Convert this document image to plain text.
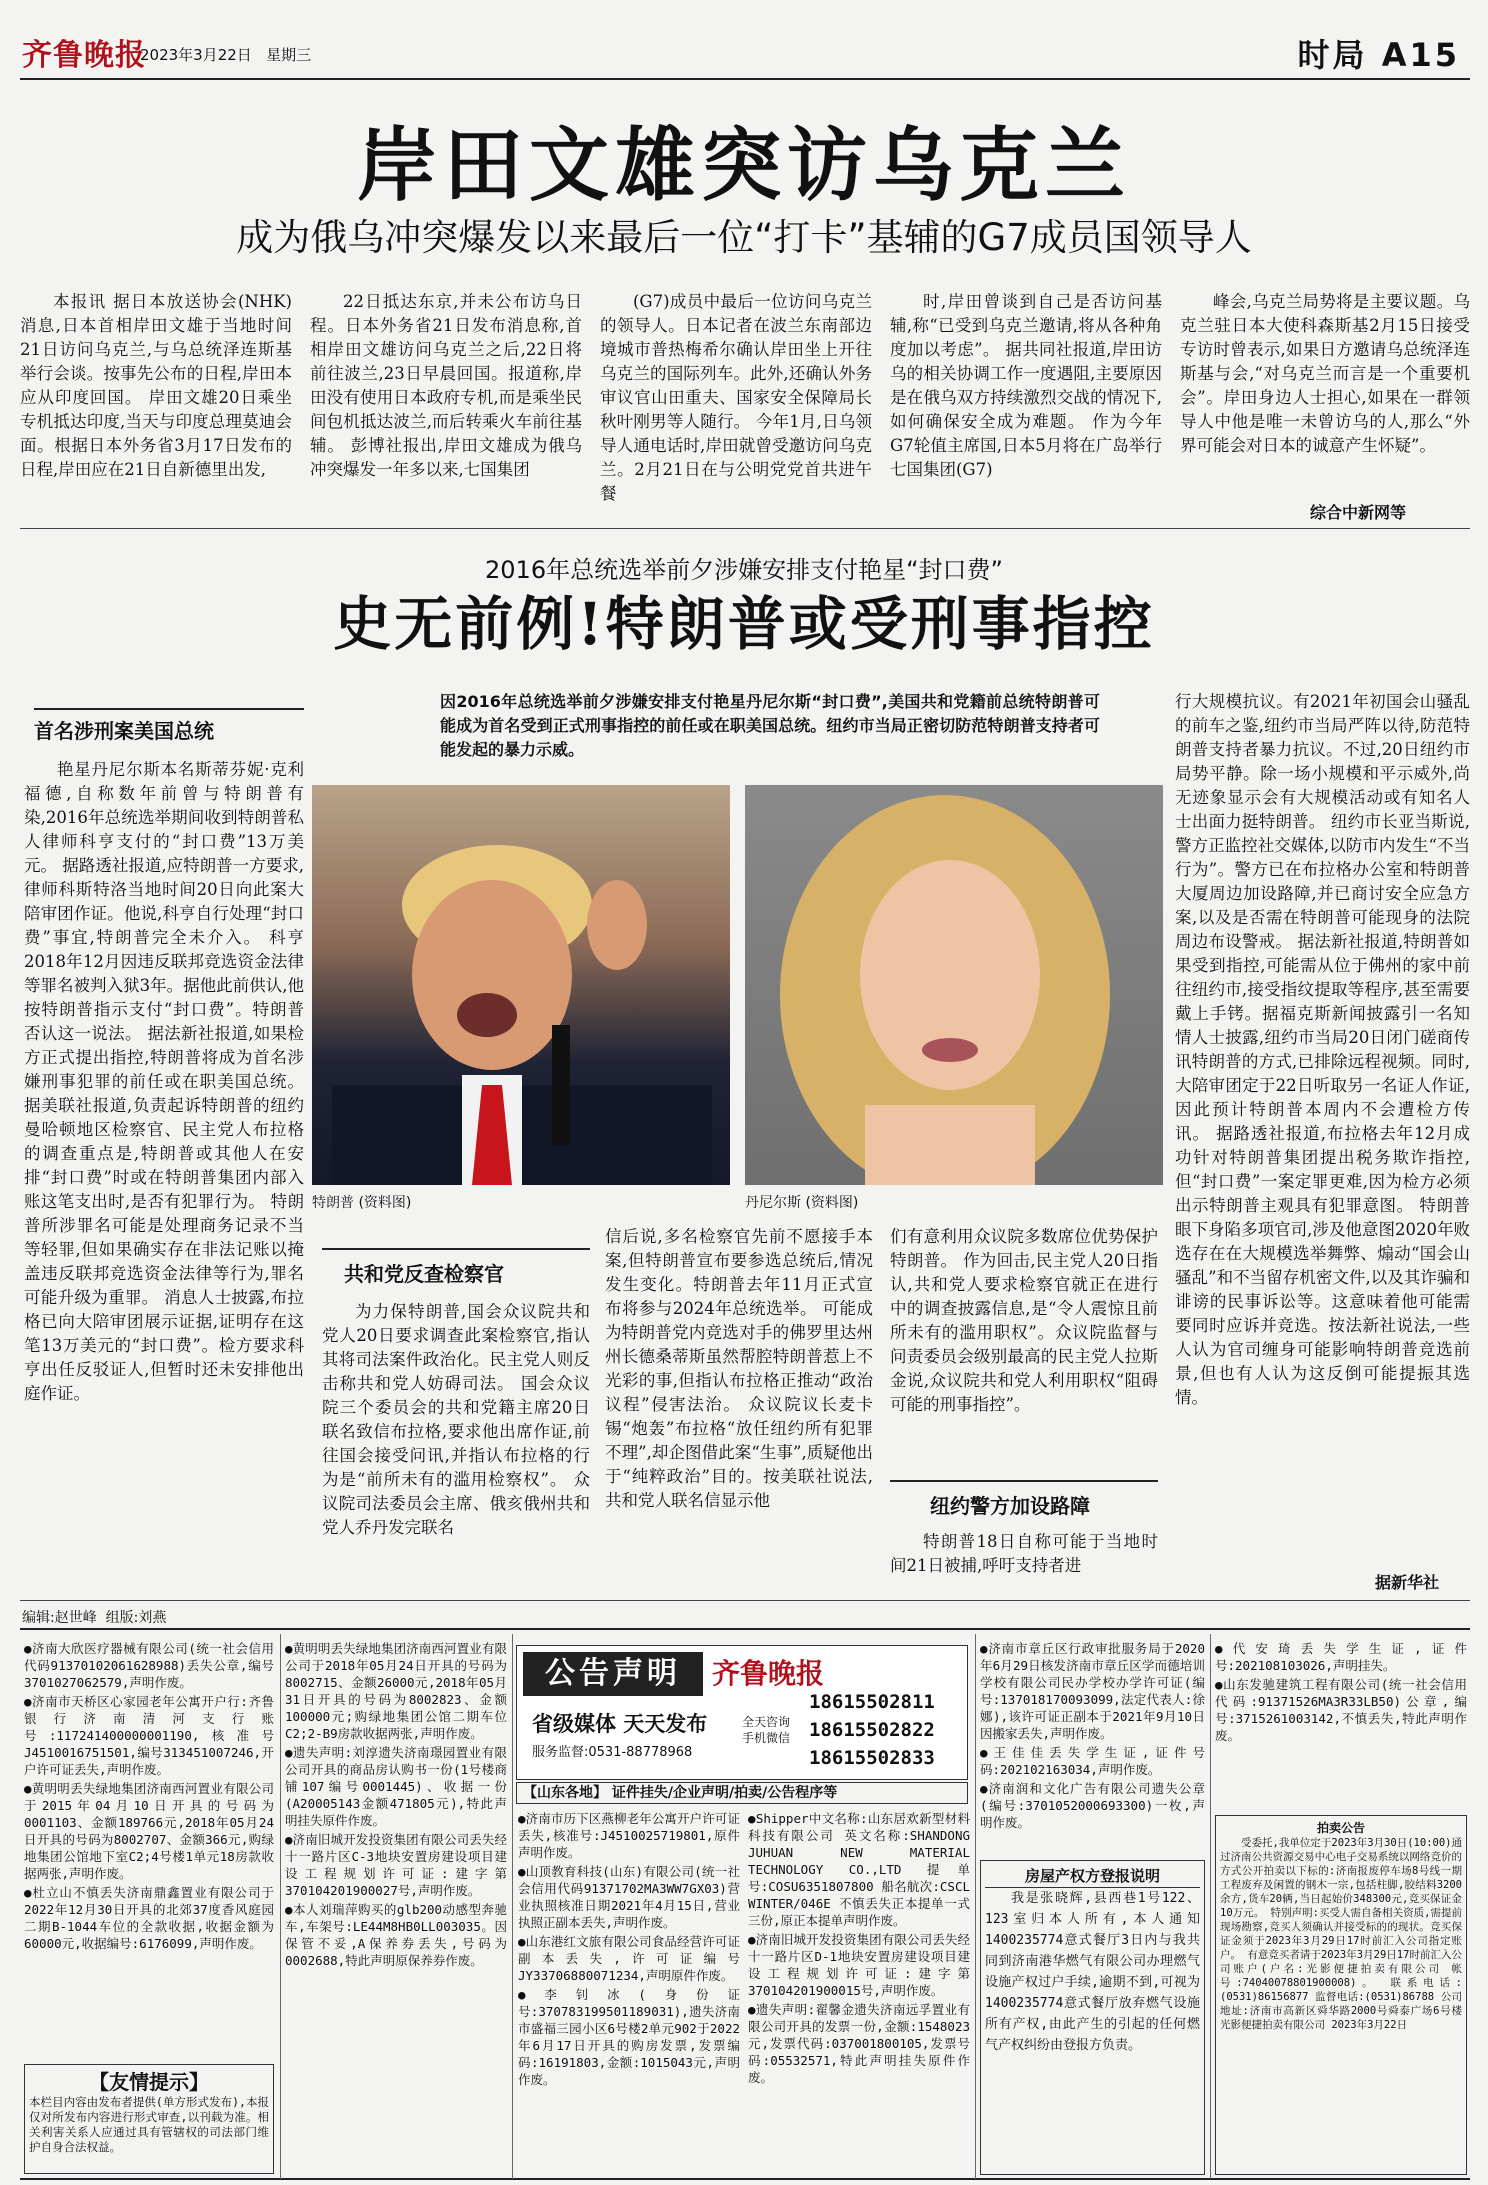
齐鲁晚报
2023年3月22日 星期三	时局 A15
岸田文雄突访乌克兰
成为俄乌冲突爆发以来最后一位“打卡”基辅的G7成员国领导人

本报讯 据日本放送协会(NHK)消息,日本首相岸田文雄于当地时间21日访问乌克兰,与乌总统泽连斯基举行会谈。按事先公布的日程,岸田本应从印度回国。 岸田文雄20日乘坐专机抵达印度,当天与印度总理莫迪会面。根据日本外务省3月17日发布的日程,岸田应在21日自新德里出发,

22日抵达东京,并未公布访乌日程。日本外务省21日发布消息称,首相岸田文雄访问乌克兰之后,22日将前往波兰,23日早晨回国。报道称,岸田没有使用日本政府专机,而是乘坐民间包机抵达波兰,而后转乘火车前往基辅。 彭博社报出,岸田文雄成为俄乌冲突爆发一年多以来,七国集团

(G7)成员中最后一位访问乌克兰的领导人。日本记者在波兰东南部边境城市普热梅希尔确认岸田坐上开往乌克兰的国际列车。此外,还确认外务审议官山田重夫、国家安全保障局长秋叶刚男等人随行。 今年1月,日乌领导人通电话时,岸田就曾受邀访问乌克兰。2月21日在与公明党党首共进午餐

时,岸田曾谈到自己是否访问基辅,称“已受到乌克兰邀请,将从各种角度加以考虑”。 据共同社报道,岸田访乌的相关协调工作一度遇阻,主要原因是在俄乌双方持续激烈交战的情况下,如何确保安全成为难题。 作为今年G7轮值主席国,日本5月将在广岛举行七国集团(G7)

峰会,乌克兰局势将是主要议题。乌克兰驻日本大使科森斯基2月15日接受专访时曾表示,如果日方邀请乌总统泽连斯基与会,“对乌克兰而言是一个重要机会”。岸田身边人士担心,如果在一群领导人中他是唯一未曾访乌的人,那么“外界可能会对日本的诚意产生怀疑”。

综合中新网等
2016年总统选举前夕涉嫌安排支付艳星“封口费”
史无前例!特朗普或受刑事指控
首名涉刑案美国总统

艳星丹尼尔斯本名斯蒂芬妮·克利福德,自称数年前曾与特朗普有染,2016年总统选举期间收到特朗普私人律师科亨支付的“封口费”13万美元。 据路透社报道,应特朗普一方要求,律师科斯特洛当地时间20日向此案大陪审团作证。他说,科亨自行处理“封口费”事宜,特朗普完全未介入。 科亨2018年12月因违反联邦竞选资金法律等罪名被判入狱3年。据他此前供认,他按特朗普指示支付“封口费”。特朗普否认这一说法。 据法新社报道,如果检方正式提出指控,特朗普将成为首名涉嫌刑事犯罪的前任或在职美国总统。 据美联社报道,负责起诉特朗普的纽约曼哈顿地区检察官、民主党人布拉格的调查重点是,特朗普或其他人在安排“封口费”时或在特朗普集团内部入账这笔支出时,是否有犯罪行为。 特朗普所涉罪名可能是处理商务记录不当等轻罪,但如果确实存在非法记账以掩盖违反联邦竞选资金法律等行为,罪名可能升级为重罪。 消息人士披露,布拉格已向大陪审团展示证据,证明存在这笔13万美元的“封口费”。检方要求科亨出任反驳证人,但暂时还未安排他出庭作证。

因2016年总统选举前夕涉嫌安排支付艳星丹尼尔斯“封口费”,美国共和党籍前总统特朗普可能成为首名受到正式刑事指控的前任或在职美国总统。纽约市当局正密切防范特朗普支持者可能发起的暴力示威。
特朗普 (资料图)	丹尼尔斯 (资料图)
共和党反查检察官

为力保特朗普,国会众议院共和党人20日要求调查此案检察官,指认其将司法案件政治化。民主党人则反击称共和党人妨碍司法。 国会众议院三个委员会的共和党籍主席20日联名致信布拉格,要求他出席作证,前往国会接受问讯,并指认布拉格的行为是“前所未有的滥用检察权”。 众议院司法委员会主席、俄亥俄州共和党人乔丹发完联名

信后说,多名检察官先前不愿接手本案,但特朗普宣布要参选总统后,情况发生变化。特朗普去年11月正式宣布将参与2024年总统选举。 可能成为特朗普党内竞选对手的佛罗里达州州长德桑蒂斯虽然帮腔特朗普惹上不光彩的事,但指认布拉格正推动“政治议程”侵害法治。 众议院议长麦卡锡“炮轰”布拉格“放任纽约所有犯罪不理”,却企图借此案“生事”,质疑他出于“纯粹政治”目的。按美联社说法,共和党人联名信显示他

们有意利用众议院多数席位优势保护特朗普。 作为回击,民主党人20日指认,共和党人要求检察官就正在进行中的调查披露信息,是“令人震惊且前所未有的滥用职权”。众议院监督与问责委员会级别最高的民主党人拉斯金说,众议院共和党人利用职权“阻碍可能的刑事指控”。

纽约警方加设路障

特朗普18日自称可能于当地时间21日被捕,呼吁支持者进

行大规模抗议。有2021年初国会山骚乱的前车之鉴,纽约市当局严阵以待,防范特朗普支持者暴力抗议。不过,20日纽约市局势平静。除一场小规模和平示威外,尚无迹象显示会有大规模活动或有知名人士出面力挺特朗普。 纽约市长亚当斯说,警方正监控社交媒体,以防市内发生“不当行为”。警方已在布拉格办公室和特朗普大厦周边加设路障,并已商讨安全应急方案,以及是否需在特朗普可能现身的法院周边布设警戒。 据法新社报道,特朗普如果受到指控,可能需从位于佛州的家中前往纽约市,接受指纹提取等程序,甚至需要戴上手铐。据福克斯新闻披露引一名知情人士披露,纽约市当局20日闭门磋商传讯特朗普的方式,已排除远程视频。同时,大陪审团定于22日听取另一名证人作证,因此预计特朗普本周内不会遭检方传讯。 据路透社报道,布拉格去年12月成功针对特朗普集团提出税务欺诈指控,但“封口费”一案定罪更难,因为检方必须出示特朗普主观具有犯罪意图。 特朗普眼下身陷多项官司,涉及他意图2020年败选存在在大规模选举舞弊、煽动“国会山骚乱”和不当留存机密文件,以及其诈骗和诽谤的民事诉讼等。这意味着他可能需要同时应诉并竞选。按法新社说法,一些人认为官司缠身可能影响特朗普竞选前景,但也有人认为这反倒可能提振其选情。

据新华社
编辑:赵世峰  组版:刘燕

●济南大欣医疗器械有限公司(统一社会信用代码91370102061628988)丢失公章,编号3701027062579,声明作废。

●济南市天桥区心家园老年公寓开户行:齐鲁银行济南清河支行账号:117241400000001190,核准号J4510016751501,编号313451007246,开户许可证丢失,声明作废。

●黄明明丢失绿地集团济南西河置业有限公司于2015年04月10日开具的号码为0001103、金额189766元,2018年05月24日开具的号码为8002707、金额366元,购绿地集团公馆地下室C2;4号楼1单元18房款收据两张,声明作废。

●杜立山不慎丢失济南鼎鑫置业有限公司于2022年12月30日开具的北郊37度香风庭园二期B-1044车位的全款收据,收据金额为60000元,收据编号:6176099,声明作废。

【友情提示】
本栏目内容由发布者提供(单方形式发布),本报仅对所发布内容进行形式审查,以刊载为准。相关利害关系人应通过具有管辖权的司法部门维护自身合法权益。

●黄明明丢失绿地集团济南西河置业有限公司于2018年05月24日开具的号码为8002715、金额26000元,2018年05月31日开具的号码为8002823、金额100000元;购绿地集团公馆二期车位C2;2-B9房款收据两张,声明作废。

●遗失声明:刘淳遗失济南璟园置业有限公司开具的商品房认购书一份(1号楼商铺107编号0001445)、收据一份(A20005143金额471805元),特此声明挂失原件作废。

●济南旧城开发投资集团有限公司丢失经十一路片区C-3地块安置房建设项目建设工程规划许可证:建字第370104201900027号,声明作废。

●本人刘瑞萍购买的glb200动感型奔驰车,车架号:LE44M8HB0LL003035。因保管不妥,A保养券丢失,号码为0002688,特此声明原保养券作废。

公告声明	齐鲁晚报
省级媒体 天天发布
服务监督:0531-88778968
全天咨询 手机微信
18615502811
18615502822
18615502833
【山东各地】 证件挂失/企业声明/拍卖/公告程序等

●济南市历下区燕柳老年公寓开户许可证丢失,核准号:J4510025719801,原件声明作废。

●山顶教育科技(山东)有限公司(统一社会信用代码91371702MA3WW7GX03)营业执照核准日期2021年4月15日,营业执照正副本丢失,声明作废。

●山东港红文旅有限公司食品经营许可证副本丢失,许可证编号JY33706880071234,声明原件作废。

●李钊冰(身份证号:370783199501189031),遗失济南市盛福三园小区6号楼2单元902于2022年6月17日开具的购房发票,发票编码:16191803,金额:1015043元,声明作废。

●Shipper中文名称:山东居欢新型材料科技有限公司 英文名称:SHANDONG JUHUAN NEW MATERIAL TECHNOLOGY CO.,LTD 提单号:COSU6351807800 船名航次:CSCL WINTER/046E 不慎丢失正本提单一式三份,原正本提单声明作废。

●济南旧城开发投资集团有限公司丢失经十一路片区D-1地块安置房建设项目建设工程规划许可证:建字第370104201900015号,声明作废。

●遗失声明:翟馨金遗失济南远孚置业有限公司开具的发票一份,金额:1548023元,发票代码:037001800105,发票号码:05532571,特此声明挂失原件作废。

●济南市章丘区行政审批服务局于2020年6月29日核发济南市章丘区学而德培训学校有限公司民办学校办学许可证(编号:137018170093099,法定代表人:徐娜),该许可证正副本于2021年9月10日因搬家丢失,声明作废。

●王佳佳丢失学生证,证件号码:202102163034,声明作废。

●济南润和文化广告有限公司遗失公章(编号:3701052000693300)一枚,声明作废。

房屋产权方登报说明
我是张晓辉,县西巷1号122、123室归本人所有,本人通知1400235774意式餐厅3日内与我共同到济南港华燃气有限公司办理燃气设施产权过户手续,逾期不到,可视为1400235774意式餐厅放弃燃气设施所有产权,由此产生的引起的任何燃气产权纠纷由登报方负责。

●代安琦丢失学生证,证件号:202108103026,声明挂失。

●山东发驰建筑工程有限公司(统一社会信用代码:91371526MA3R33LB50)公章,编号:3715261003142,不慎丢失,特此声明作废。

拍卖公告
受委托,我单位定于2023年3月30日(10:00)通过济南公共资源交易中心电子交易系统以网络竞价的方式公开拍卖以下标的:济南报废停车场8号线一期工程废弃及闲置的钢木一宗,包括柱脚,胶结料3200余方,货车20辆,当日起始价348300元,竞买保证金10万元。 特别声明:买受人需自备相关资质,需提前现场勘察,竞买人须确认并接受标的的现状。竞买保证金须于2023年3月29日17时前汇入公司指定账户。 有意竞买者请于2023年3月29日17时前汇入公司账户(户名:光影便捷拍卖有限公司 帐号:74040078801900008)。 联系电话:(0531)86156877 监督电话:(0531)86788 公司地址:济南市高新区舜华路2000号舜泰广场6号楼 光影便捷拍卖有限公司 2023年3月22日
